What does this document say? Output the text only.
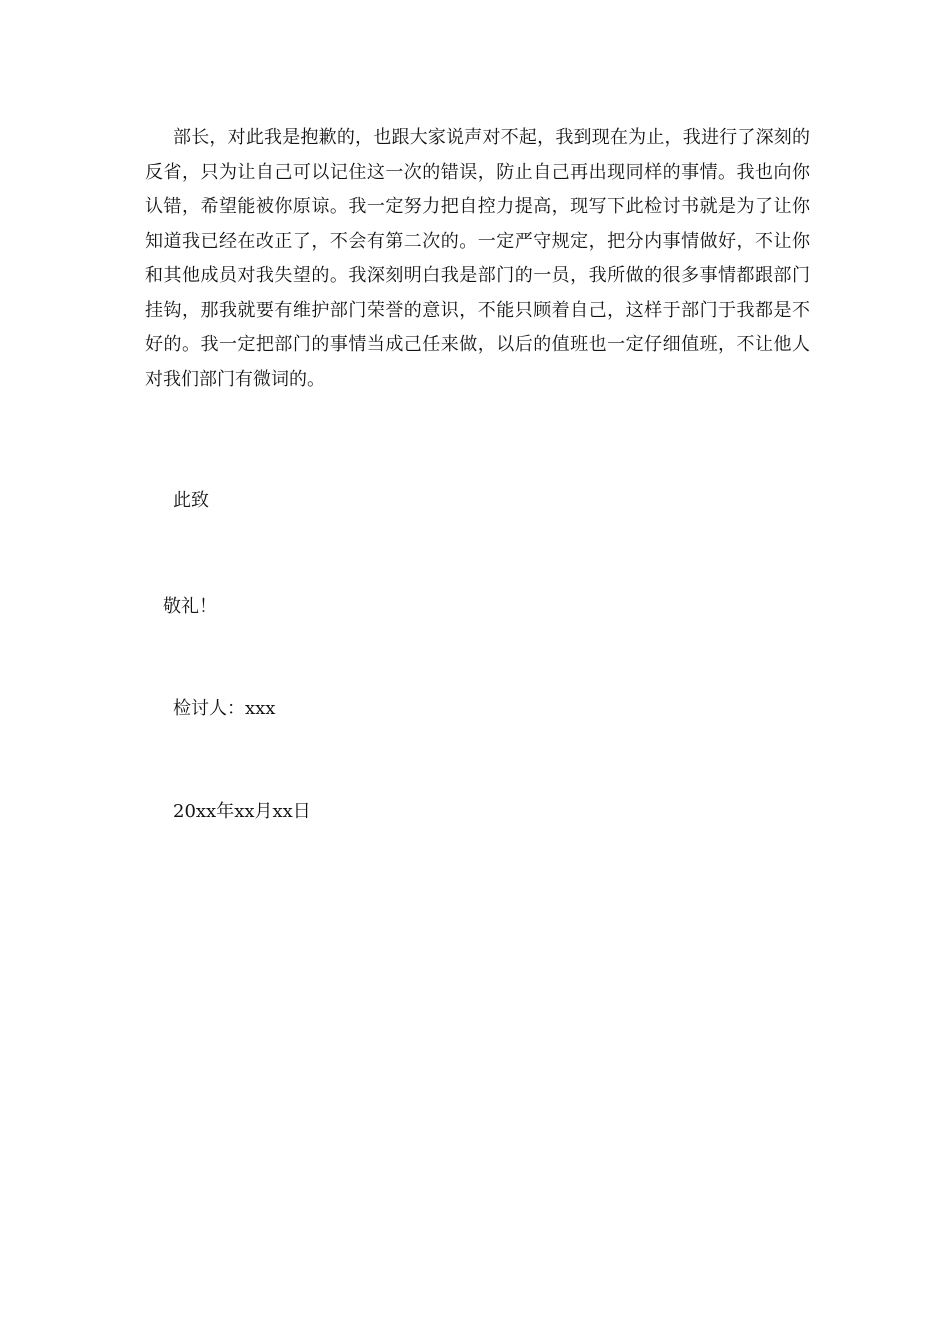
部长，对此我是抱歉的，也跟大家说声对不起，我到现在为止，我进行了深刻的反省，只为让自己可以记住这一次的错误，防止自己再出现同样的事情。我也向你认错，希望能被你原谅。我一定努力把自控力提高，现写下此检讨书就是为了让你知道我已经在改正了，不会有第二次的。一定严守规定，把分内事情做好，不让你和其他成员对我失望的。我深刻明白我是部门的一员，我所做的很多事情都跟部门挂钩，那我就要有维护部门荣誉的意识，不能只顾着自己，这样于部门于我都是不好的。我一定把部门的事情当成己任来做，以后的值班也一定仔细值班，不让他人对我们部门有微词的。

此致

敬礼！

检讨人：xxx

20xx年xx月xx日
